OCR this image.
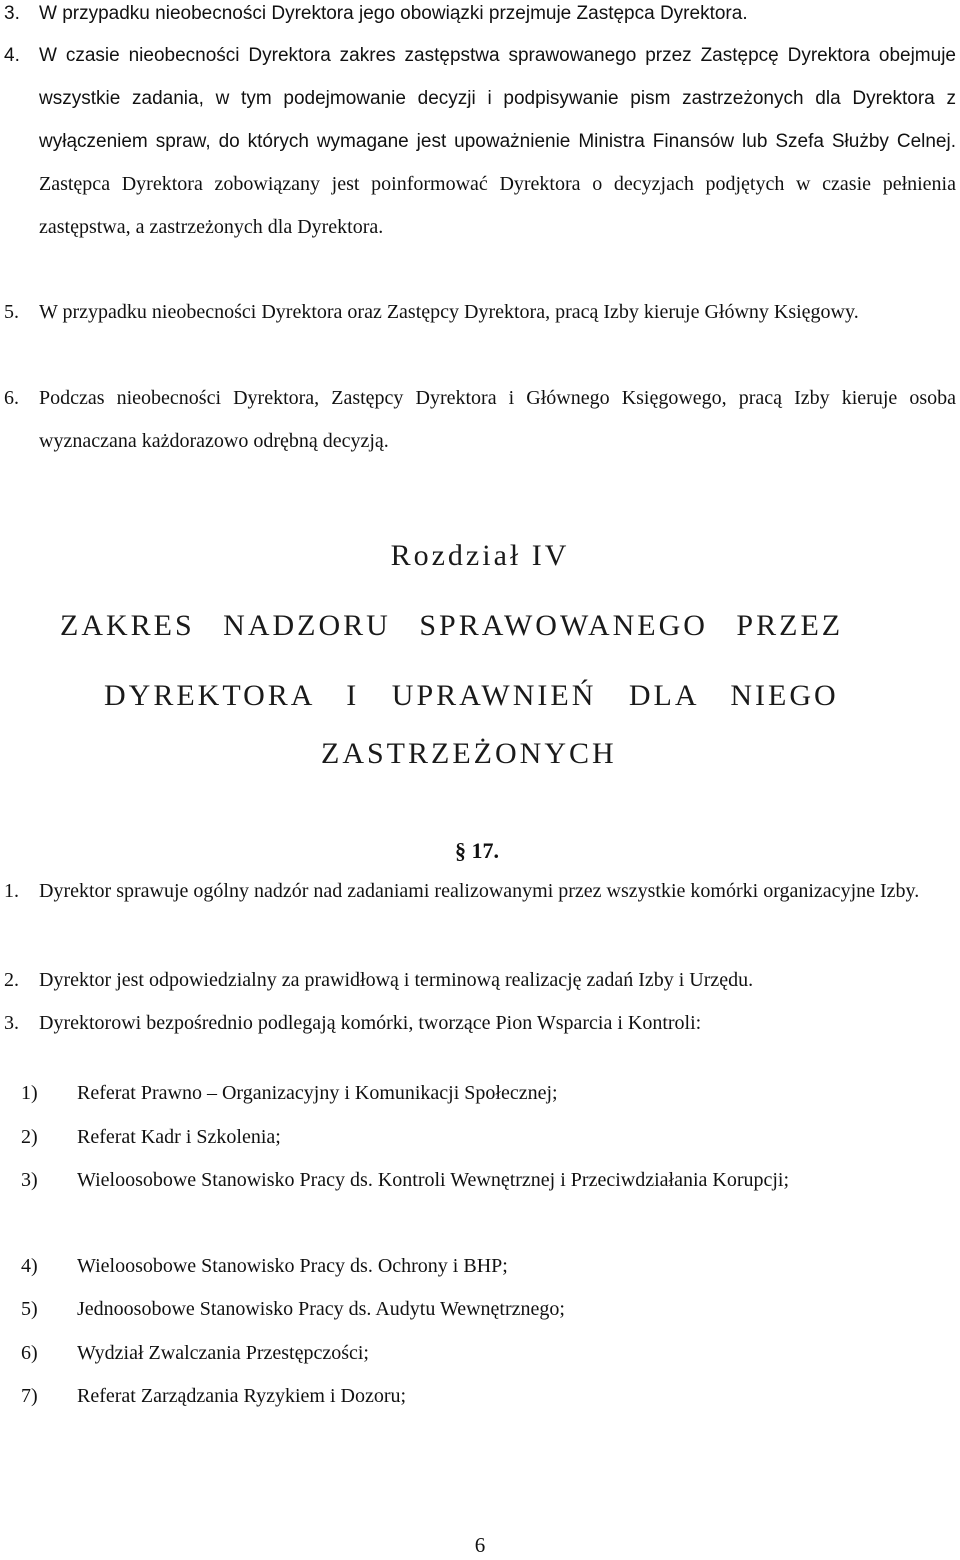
3. W przypadku nieobecności Dyrektora jego obowiązki przejmuje Zastępca Dyrektora.
4. W czasie nieobecności Dyrektora zakres zastępstwa sprawowanego przez Zastępcę Dyrektora obejmuje wszystkie zadania, w tym podejmowanie decyzji i podpisywanie pism zastrzeżonych dla Dyrektora z wyłączeniem spraw, do których wymagane jest upoważnienie Ministra Finansów lub Szefa Służby Celnej. Zastępca Dyrektora zobowiązany jest poinformować Dyrektora o decyzjach podjętych w czasie pełnienia zastępstwa, a zastrzeżonych dla Dyrektora.
5. W przypadku nieobecności Dyrektora oraz Zastępcy Dyrektora, pracą Izby kieruje Główny Księgowy.
6. Podczas nieobecności Dyrektora, Zastępcy Dyrektora i Głównego Księgowego, pracą Izby kieruje osoba wyznaczana każdorazowo odrębną decyzją.
Rozdział IV
ZAKRES NADZORU SPRAWOWANEGO PRZEZ
DYREKTORA I UPRAWNIEŃ DLA NIEGO
ZASTRZEŻONYCH
§ 17.
1. Dyrektor sprawuje ogólny nadzór nad zadaniami realizowanymi przez wszystkie komórki organizacyjne Izby.
2. Dyrektor jest odpowiedzialny za prawidłową i terminową realizację zadań Izby i Urzędu.
3. Dyrektorowi bezpośrednio podlegają komórki, tworzące Pion Wsparcia i Kontroli:
1) Referat Prawno – Organizacyjny i Komunikacji Społecznej;
2) Referat Kadr i Szkolenia;
3) Wieloosobowe Stanowisko Pracy ds. Kontroli Wewnętrznej i Przeciwdziałania Korupcji;
4) Wieloosobowe Stanowisko Pracy ds. Ochrony i BHP;
5) Jednoosobowe Stanowisko Pracy ds. Audytu Wewnętrznego;
6) Wydział Zwalczania Przestępczości;
7) Referat Zarządzania Ryzykiem i Dozoru;
6
